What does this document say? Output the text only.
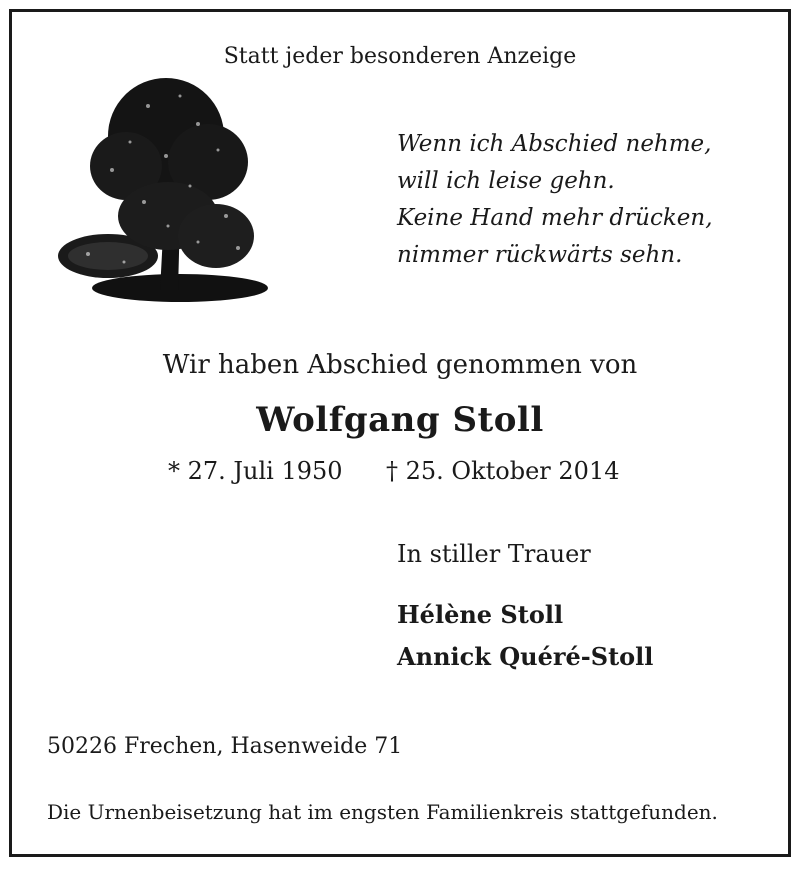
Statt jeder besonderen Anzeige
Wenn ich Abschied nehme,
will ich leise gehn.
Keine Hand mehr drücken,
nimmer rückwärts sehn.
Wir haben Abschied genommen von
Wolfgang Stoll
* 27. Juli 1950 † 25. Oktober 2014
In stiller Trauer
Hélène Stoll
Annick Quéré-Stoll
50226 Frechen, Hasenweide 71
Die Urnenbeisetzung hat im engsten Familienkreis stattgefunden.
